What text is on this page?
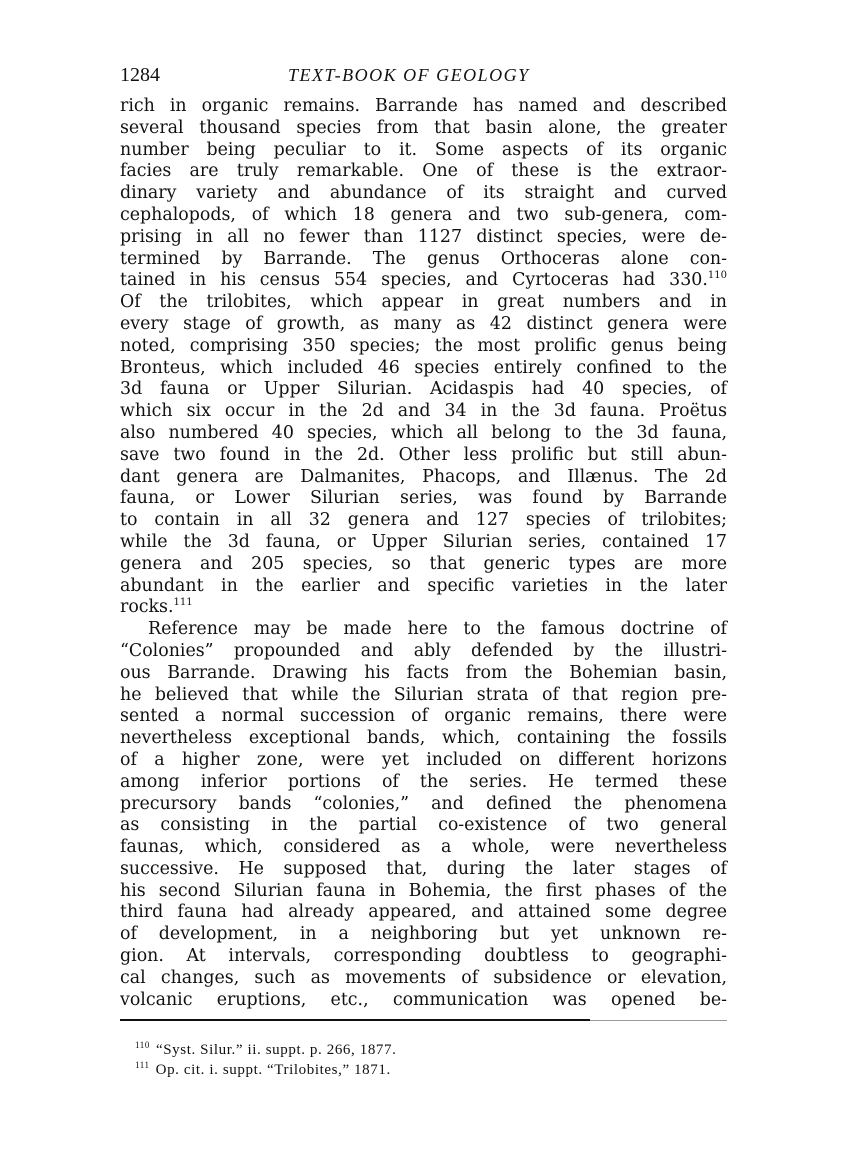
1284	TEXT-BOOK OF GEOLOGY
rich in organic remains. Barrande has named and described
several thousand species from that basin alone, the greater
number being peculiar to it. Some aspects of its organic
facies are truly remarkable. One of these is the extraor-
dinary variety and abundance of its straight and curved
cephalopods, of which 18 genera and two sub-genera, com-
prising in all no fewer than 1127 distinct species, were de-
termined by Barrande. The genus Orthoceras alone con-
tained in his census 554 species, and Cyrtoceras had 330.$^{110}$
Of the trilobites, which appear in great numbers and in
every stage of growth, as many as 42 distinct genera were
noted, comprising 350 species; the most prolific genus being
Bronteus, which included 46 species entirely confined to the
3d fauna or Upper Silurian. Acidaspis had 40 species, of
which six occur in the 2d and 34 in the 3d fauna. Proëtus
also numbered 40 species, which all belong to the 3d fauna,
save two found in the 2d. Other less prolific but still abun-
dant genera are Dalmanites, Phacops, and Illænus. The 2d
fauna, or Lower Silurian series, was found by Barrande
to contain in all 32 genera and 127 species of trilobites;
while the 3d fauna, or Upper Silurian series, contained 17
genera and 205 species, so that generic types are more
abundant in the earlier and specific varieties in the later
rocks.$^{111}$
Reference may be made here to the famous doctrine of
“Colonies” propounded and ably defended by the illustri-
ous Barrande. Drawing his facts from the Bohemian basin,
he believed that while the Silurian strata of that region pre-
sented a normal succession of organic remains, there were
nevertheless exceptional bands, which, containing the fossils
of a higher zone, were yet included on different horizons
among inferior portions of the series. He termed these
precursory bands “colonies,” and defined the phenomena
as consisting in the partial co-existence of two general
faunas, which, considered as a whole, were nevertheless
successive. He supposed that, during the later stages of
his second Silurian fauna in Bohemia, the first phases of the
third fauna had already appeared, and attained some degree
of development, in a neighboring but yet unknown re-
gion. At intervals, corresponding doubtless to geographi-
cal changes, such as movements of subsidence or elevation,
volcanic eruptions, etc., communication was opened be-
$^{110}$ “Syst. Silur.” ii. suppt. p. 266, 1877.
$^{111}$ Op. cit. i. suppt. “Trilobites,” 1871.
